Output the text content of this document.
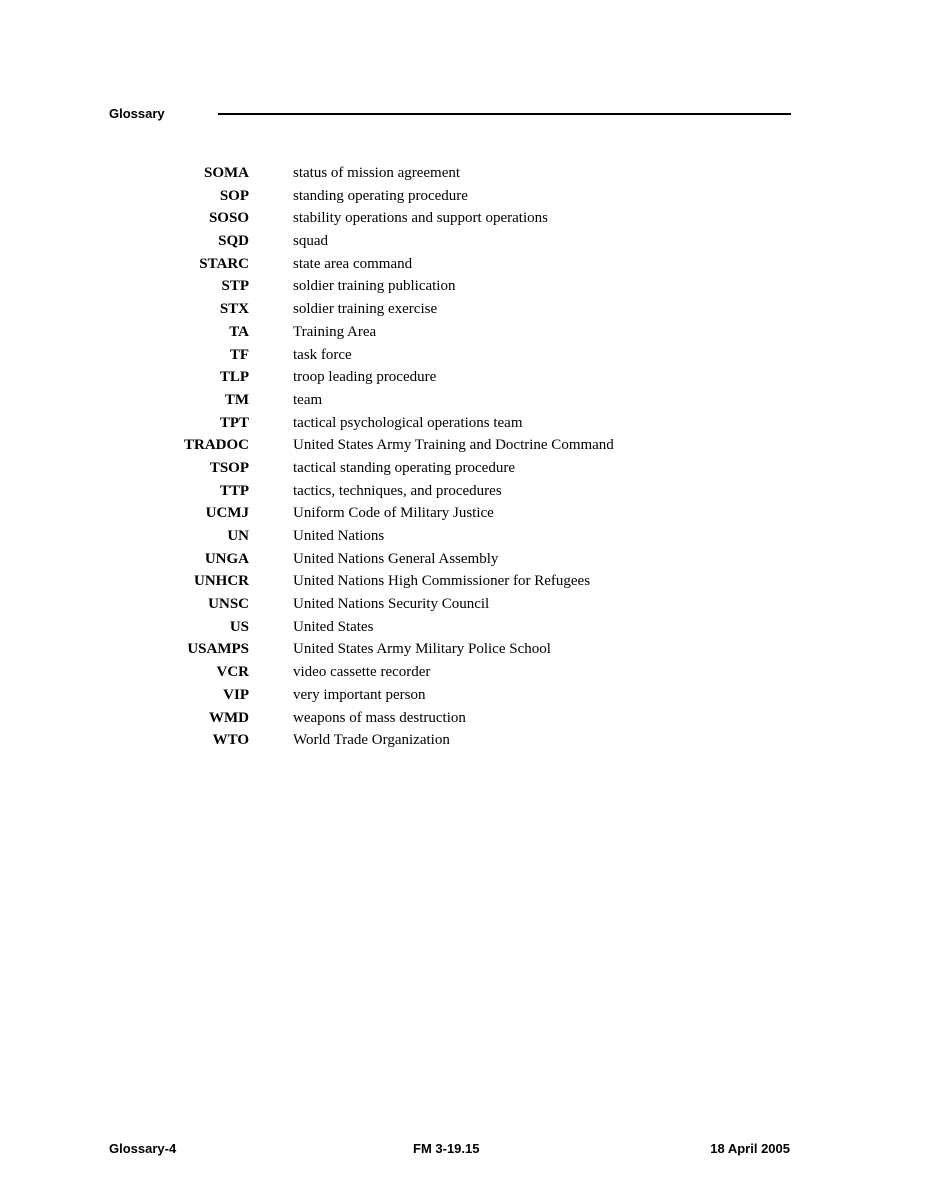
Glossary
SOMA	status of mission agreement
SOP	standing operating procedure
SOSO	stability operations and support operations
SQD	squad
STARC	state area command
STP	soldier training publication
STX	soldier training exercise
TA	Training Area
TF	task force
TLP	troop leading procedure
TM	team
TPT	tactical psychological operations team
TRADOC	United States Army Training and Doctrine Command
TSOP	tactical standing operating procedure
TTP	tactics, techniques, and procedures
UCMJ	Uniform Code of Military Justice
UN	United Nations
UNGA	United Nations General Assembly
UNHCR	United Nations High Commissioner for Refugees
UNSC	United Nations Security Council
US	United States
USAMPS	United States Army Military Police School
VCR	video cassette recorder
VIP	very important person
WMD	weapons of mass destruction
WTO	World Trade Organization
Glossary-4	FM 3-19.15	18 April 2005
